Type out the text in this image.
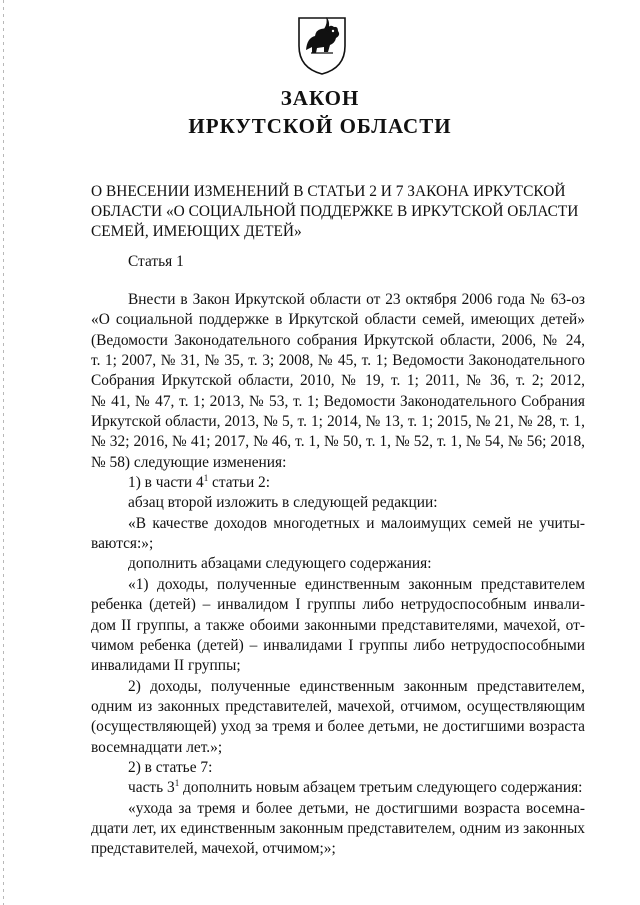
ЗАКОН
ИРКУТСКОЙ ОБЛАСТИ
О ВНЕСЕНИИ ИЗМЕНЕНИЙ В СТАТЬИ 2 И 7 ЗАКОНА ИРКУТСКОЙ
ОБЛАСТИ «О СОЦИАЛЬНОЙ ПОДДЕРЖКЕ В ИРКУТСКОЙ ОБЛАСТИ
СЕМЕЙ, ИМЕЮЩИХ ДЕТЕЙ»
Статья 1
Внести в Закон Иркутской области от 23 октября 2006 года № 63-оз
«О социальной поддержке в Иркутской области семей, имеющих детей»
(Ведомости Законодательного собрания Иркутской области, 2006, № 24,
т. 1; 2007, № 31, № 35, т. 3; 2008, № 45, т. 1; Ведомости Законодательного
Собрания Иркутской области, 2010, № 19, т. 1; 2011, № 36, т. 2; 2012,
№ 41, № 47, т. 1; 2013, № 53, т. 1; Ведомости Законодательного Собрания
Иркутской области, 2013, № 5, т. 1; 2014, № 13, т. 1; 2015, № 21, № 28, т. 1,
№ 32; 2016, № 41; 2017, № 46, т. 1, № 50, т. 1, № 52, т. 1, № 54, № 56; 2018,
№ 58) следующие изменения:
1) в части $4^1$ статьи 2:
абзац второй изложить в следующей редакции:
«В качестве доходов многодетных и малоимущих семей не учиты-
ваются:»;
дополнить абзацами следующего содержания:
«1) доходы, полученные единственным законным представителем
ребенка (детей) – инвалидом I группы либо нетрудоспособным инвали-
дом II группы, а также обоими законными представителями, мачехой, от-
чимом ребенка (детей) – инвалидами I группы либо нетрудоспособными
инвалидами II группы;
2) доходы, полученные единственным законным представителем,
одним из законных представителей, мачехой, отчимом, осуществляющим
(осуществляющей) уход за тремя и более детьми, не достигшими возраста
восемнадцати лет.»;
2) в статье 7:
часть $3^1$ дополнить новым абзацем третьим следующего содержания:
«ухода за тремя и более детьми, не достигшими возраста восемна-
дцати лет, их единственным законным представителем, одним из законных
представителей, мачехой, отчимом;»;
